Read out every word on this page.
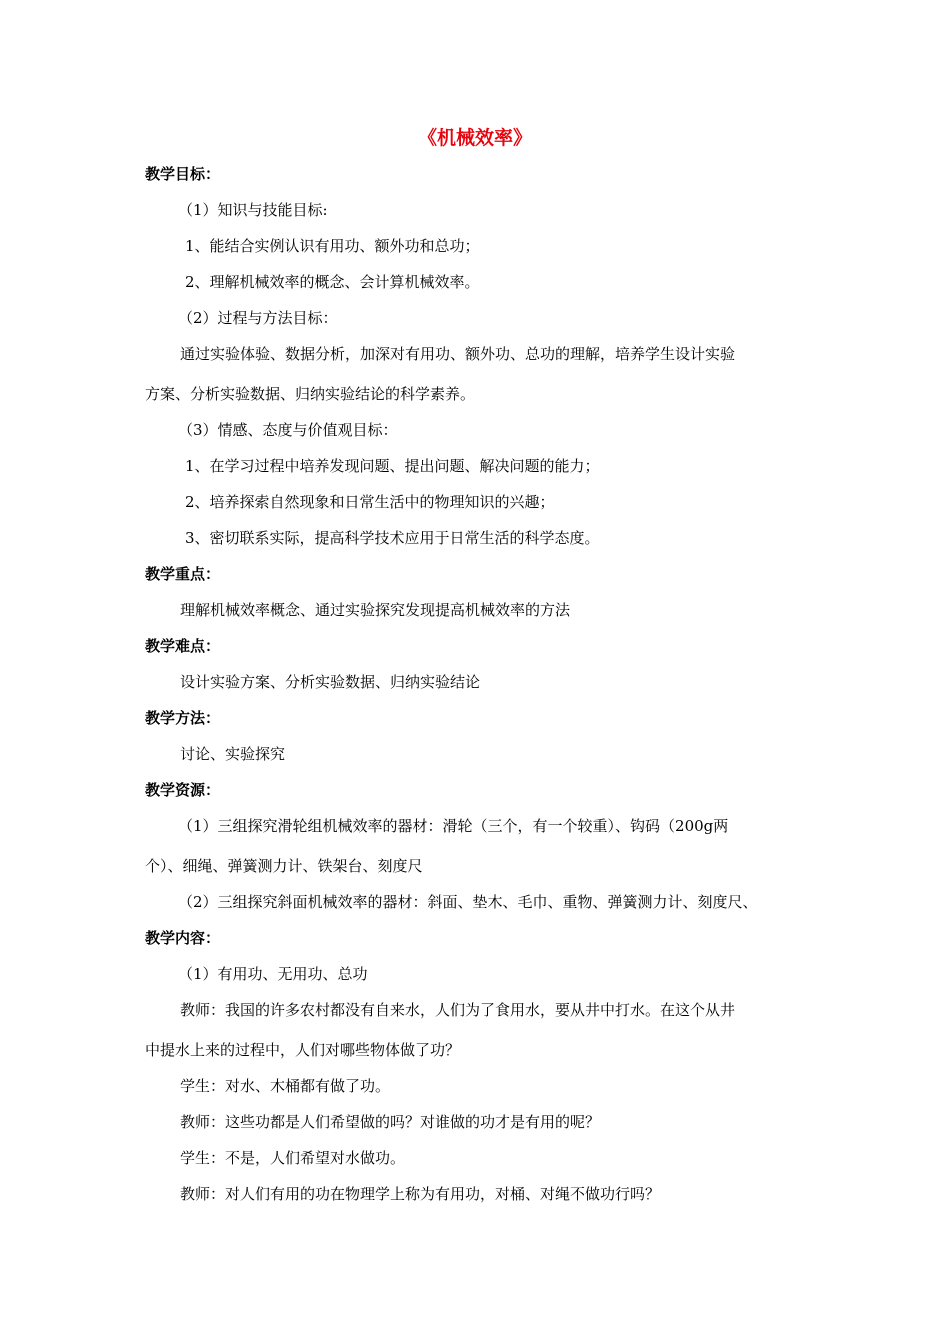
《机械效率》
教学目标：
（1）知识与技能目标:
1、能结合实例认识有用功、额外功和总功；
2、理解机械效率的概念、会计算机械效率。
（2）过程与方法目标：
通过实验体验、数据分析，加深对有用功、额外功、总功的理解，培养学生设计实验
方案、分析实验数据、归纳实验结论的科学素养。
（3）情感、态度与价值观目标：
1、在学习过程中培养发现问题、提出问题、解决问题的能力；
2、培养探索自然现象和日常生活中的物理知识的兴趣；
3、密切联系实际，提高科学技术应用于日常生活的科学态度。
教学重点：
理解机械效率概念、通过实验探究发现提高机械效率的方法
教学难点：
设计实验方案、分析实验数据、归纳实验结论
教学方法：
讨论、实验探究
教学资源：
（1）三组探究滑轮组机械效率的器材：滑轮（三个，有一个较重）、钩码（200g两
个）、细绳、弹簧测力计、铁架台、刻度尺
（2）三组探究斜面机械效率的器材：斜面、垫木、毛巾、重物、弹簧测力计、刻度尺、
教学内容：
（1）有用功、无用功、总功
教师：我国的许多农村都没有自来水，人们为了食用水，要从井中打水。在这个从井
中提水上来的过程中，人们对哪些物体做了功？
学生：对水、木桶都有做了功。
教师：这些功都是人们希望做的吗？对谁做的功才是有用的呢？
学生：不是，人们希望对水做功。
教师：对人们有用的功在物理学上称为有用功，对桶、对绳不做功行吗？
